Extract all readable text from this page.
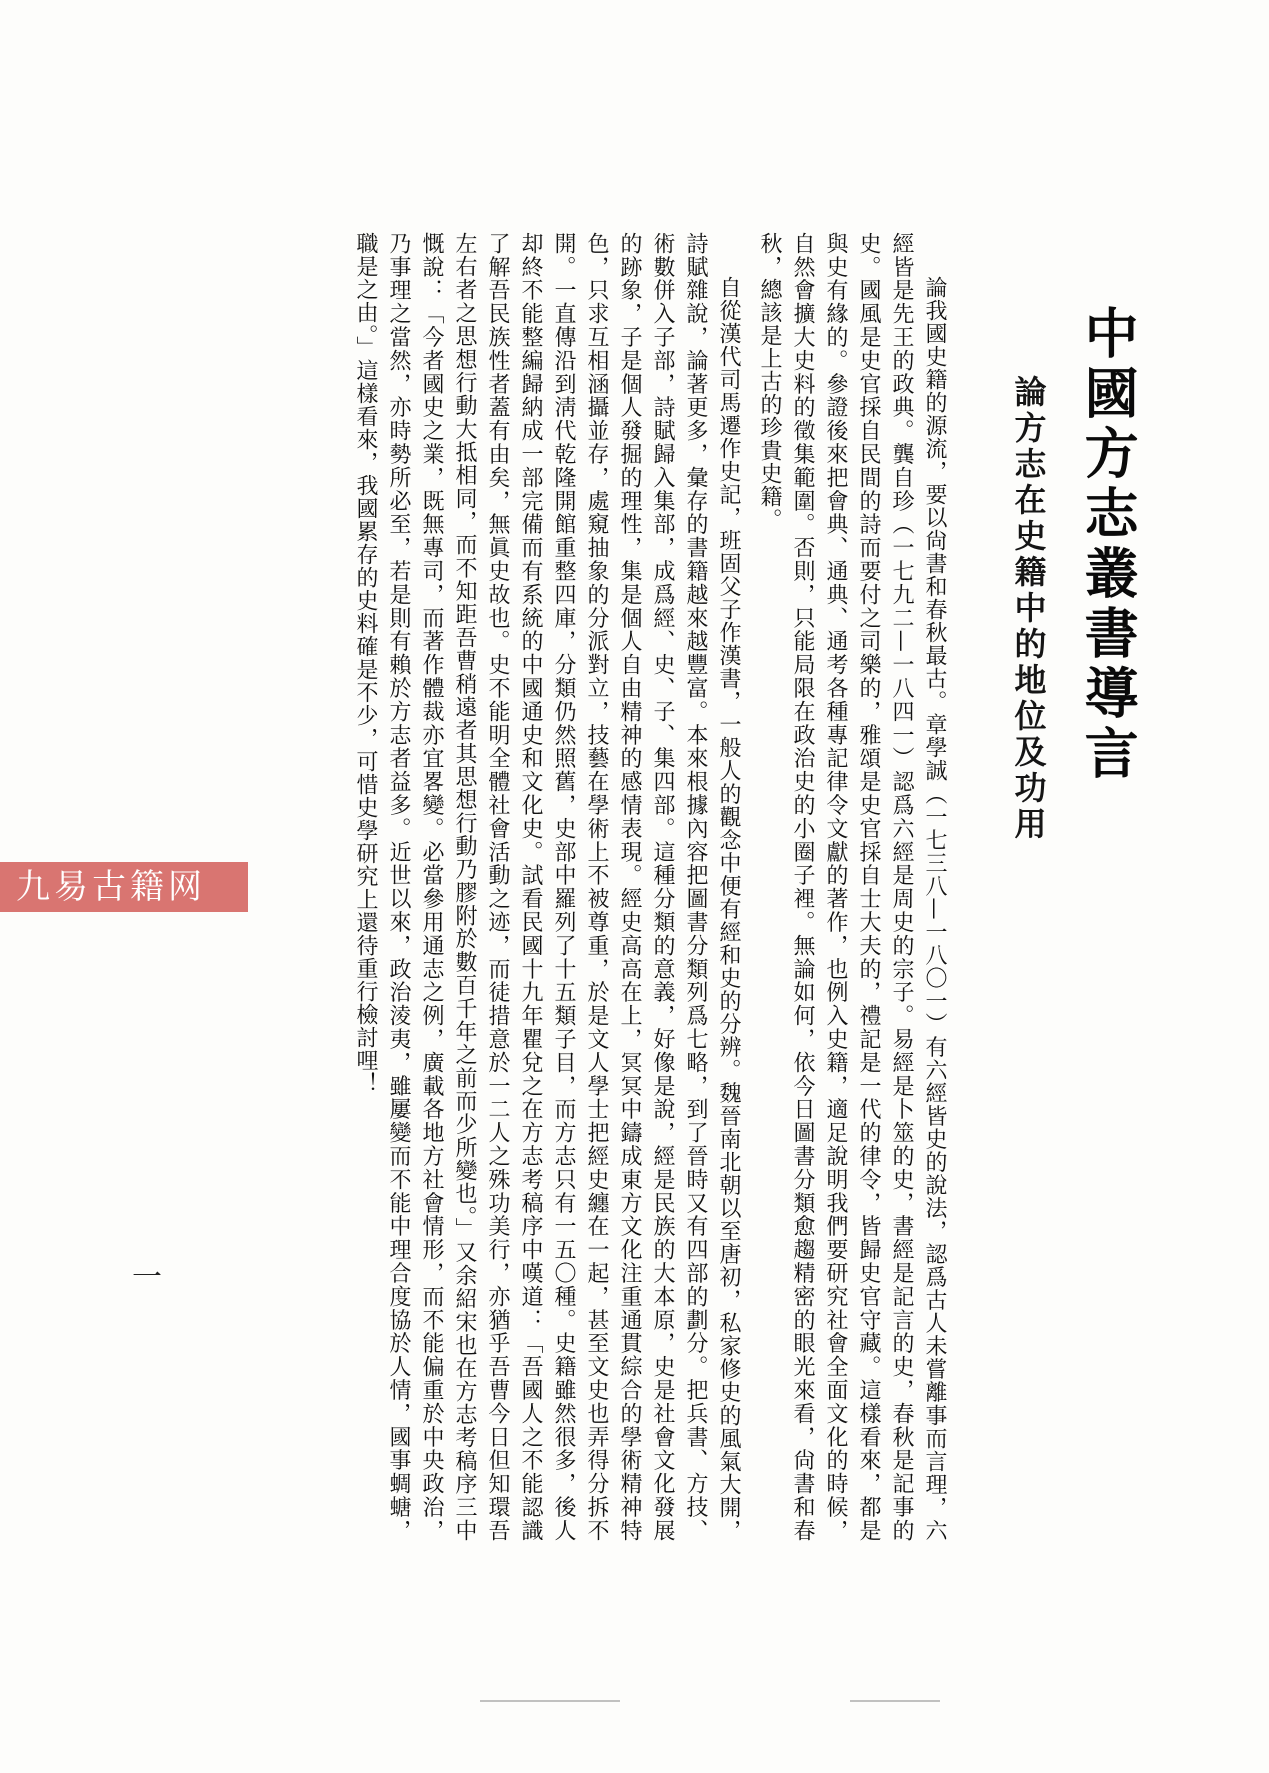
中國方志叢書導言
論方志在史籍中的地位及功用

論我國史籍的源流，要以尙書和春秋最古。章學誠（一七三八—一八〇一）有六經皆史的說法，認爲古人未嘗離事而言理，六經皆是先王的政典。龔自珍（一七九二—一八四一）認爲六經是周史的宗子。易經是卜筮的史，書經是記言的史，春秋是記事的史。國風是史官採自民間的詩而要付之司樂的，雅頌是史官採自士大夫的，禮記是一代的律令，皆歸史官守藏。這樣看來，都是與史有緣的。參證後來把會典、通典、通考各種專記律令文獻的著作，也例入史籍，適足說明我們要研究社會全面文化的時候，自然會擴大史料的徵集範圍。否則，只能局限在政治史的小圈子裡。無論如何，依今日圖書分類愈趨精密的眼光來看，尙書和春秋，總該是上古的珍貴史籍。

自從漢代司馬遷作史記，班固父子作漢書，一般人的觀念中便有經和史的分辨。魏晉南北朝以至唐初，私家修史的風氣大開，詩賦雜說，論著更多，彙存的書籍越來越豐富。本來根據內容把圖書分類列爲七略，到了晉時又有四部的劃分。把兵書、方技、術數併入子部，詩賦歸入集部，成爲經、史、子、集四部。這種分類的意義，好像是說，經是民族的大本原，史是社會文化發展的跡象，子是個人發掘的理性，集是個人自由精神的感情表現。經史高高在上，冥冥中鑄成東方文化注重通貫綜合的學術精神特色，只求互相涵攝並存，處窺抽象的分派對立，技藝在學術上不被尊重，於是文人學士把經史纏在一起，甚至文史也弄得分拆不開。一直傳沿到淸代乾隆開館重整四庫，分類仍然照舊，史部中羅列了十五類子目，而方志只有一五〇種。史籍雖然很多，後人却終不能整編歸納成一部完備而有系統的中國通史和文化史。試看民國十九年瞿兌之在方志考稿序中嘆道：「吾國人之不能認識了解吾民族性者蓋有由矣，無眞史故也。史不能明全體社會活動之迹，而徒措意於一二人之殊功美行，亦猶乎吾曹今日但知環吾左右者之思想行動大抵相同，而不知距吾曹稍遠者其思想行動乃膠附於數百千年之前而少所變也。」又余紹宋也在方志考稿序三中慨說：「今者國史之業，既無專司，而著作體裁亦宜畧變。必當參用通志之例，廣載各地方社會情形，而不能偏重於中央政治，乃事理之當然，亦時勢所必至，若是則有賴於方志者益多。近世以來，政治淩夷，雖屢變而不能中理合度協於人情，國事蜩螗，職是之由。」這樣看來，我國累存的史料確是不少，可惜史學研究上還待重行檢討哩！

一
九易古籍网
